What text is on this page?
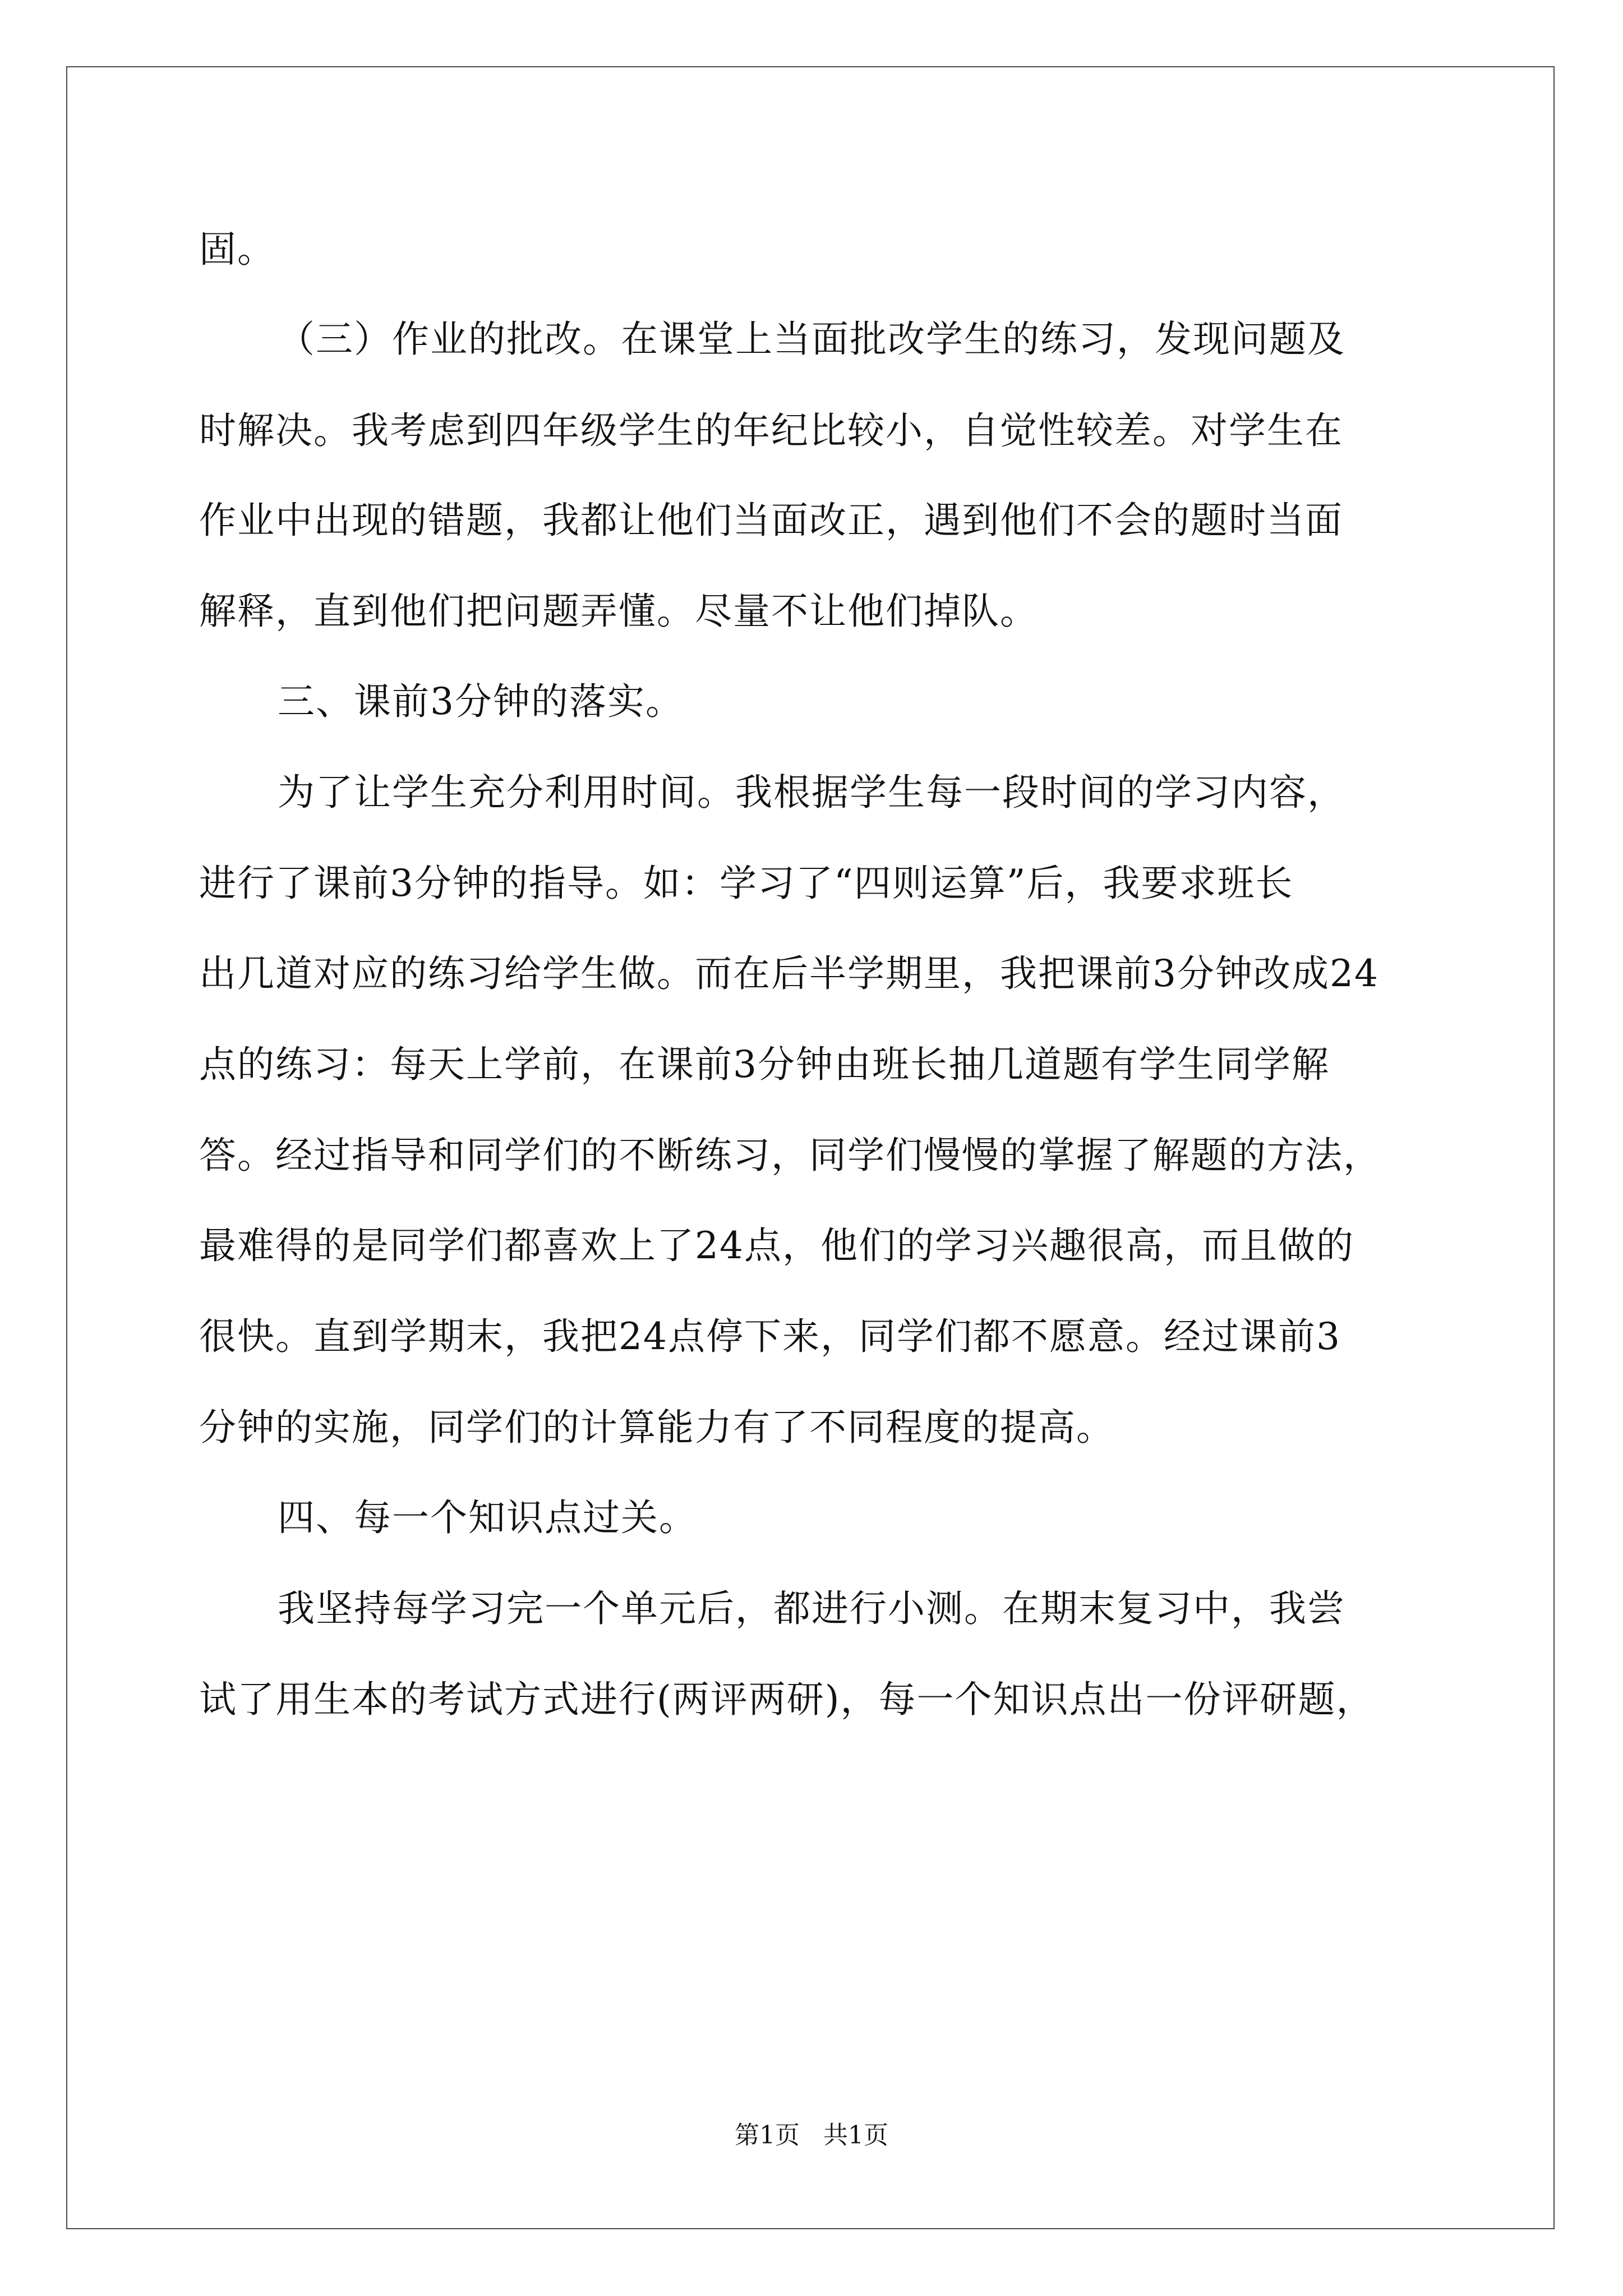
固。
（三）作业的批改。在课堂上当面批改学生的练习，发现问题及
时解决。我考虑到四年级学生的年纪比较小，自觉性较差。对学生在
作业中出现的错题，我都让他们当面改正，遇到他们不会的题时当面
解释，直到他们把问题弄懂。尽量不让他们掉队。
三、课前3分钟的落实。
为了让学生充分利用时间。我根据学生每一段时间的学习内容，
进行了课前3分钟的指导。如：学习了“四则运算”后，我要求班长
出几道对应的练习给学生做。而在后半学期里，我把课前3分钟改成24
点的练习：每天上学前，在课前3分钟由班长抽几道题有学生同学解
答。经过指导和同学们的不断练习，同学们慢慢的掌握了解题的方法，
最难得的是同学们都喜欢上了24点，他们的学习兴趣很高，而且做的
很快。直到学期末，我把24点停下来，同学们都不愿意。经过课前3
分钟的实施，同学们的计算能力有了不同程度的提高。
四、每一个知识点过关。
我坚持每学习完一个单元后，都进行小测。在期末复习中，我尝
试了用生本的考试方式进行(两评两研)，每一个知识点出一份评研题，
第1页   共1页
